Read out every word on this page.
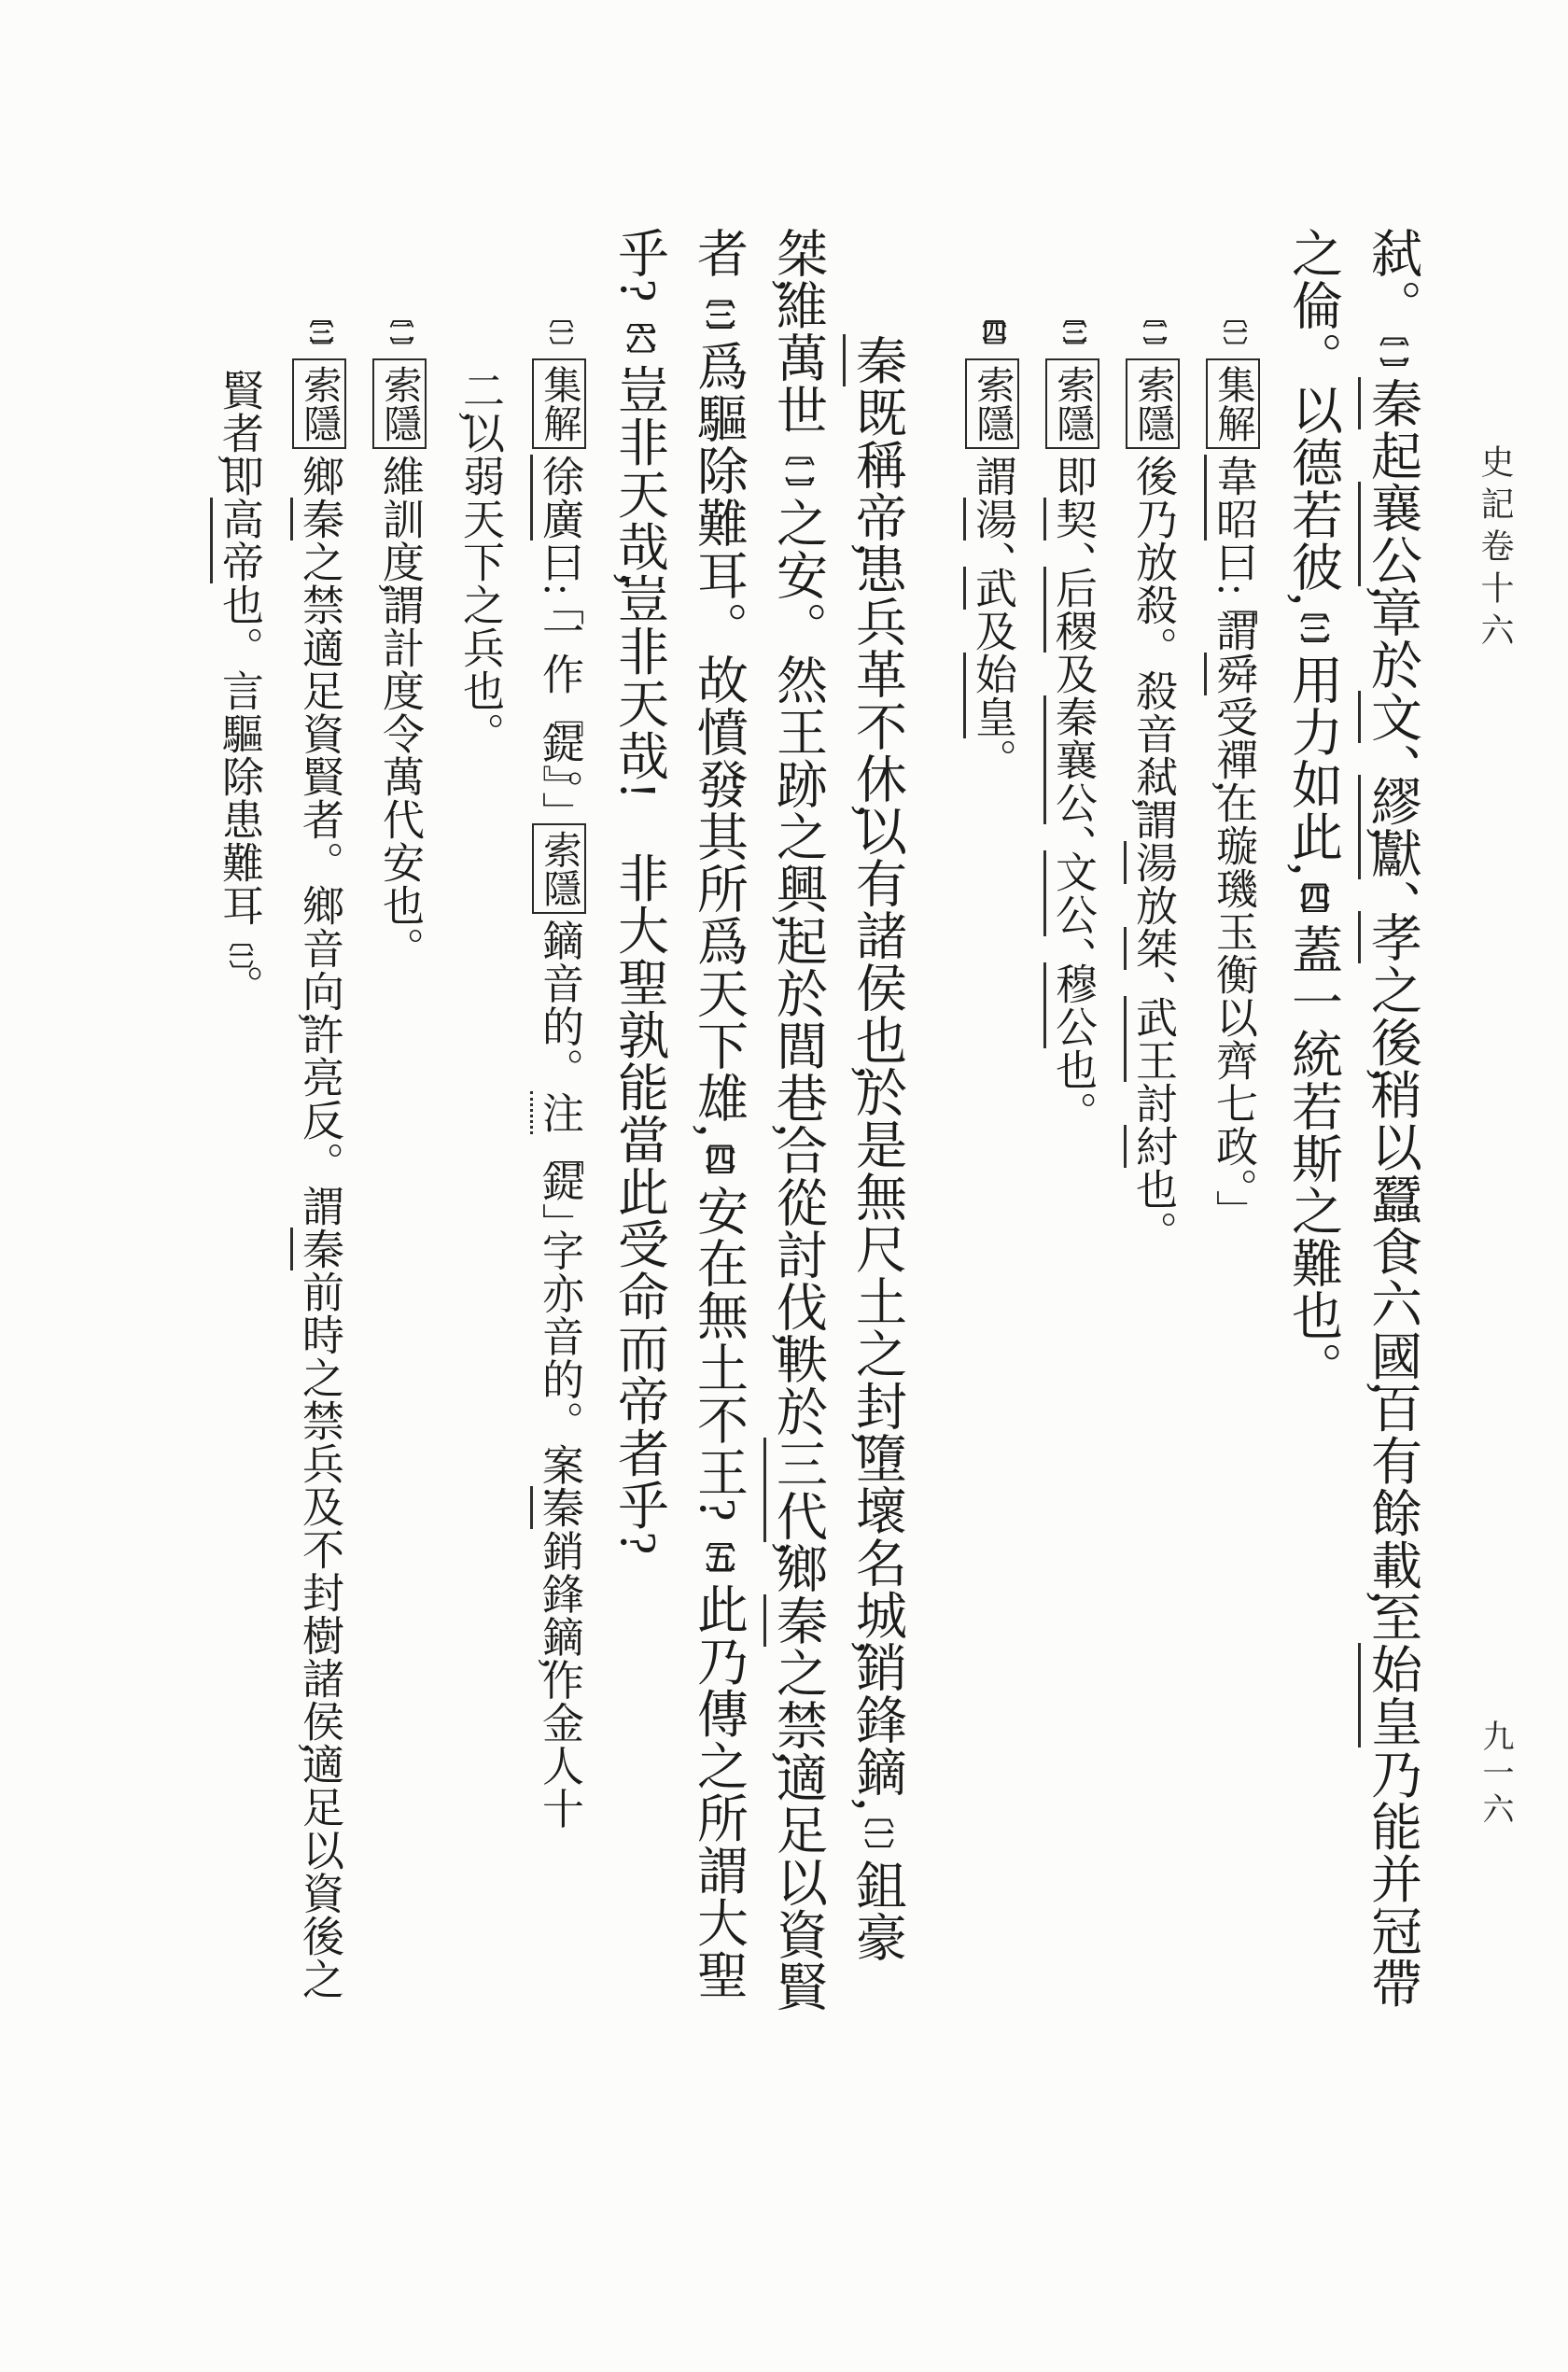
史記卷十六
弑。〔二〕秦起襄公章於文、繆獻、孝之後稍以蠶食六國百有餘載至始皇乃能并冠帶
之倫。以德若彼〔三〕用力如此〔四〕蓋一統若斯之難也。
〔一〕集解韋昭曰「謂舜受禪在璇璣玉衡以齊七政。」
〔二〕索隱後乃放殺。殺音弒謂湯放桀、武王討紂也。
〔三〕索隱即契、后稷及秦襄公、文公、穆公也。
〔四〕索隱謂湯、武及始皇。
秦既稱帝患兵革不休以有諸侯也於是無尺土之封墮壞名城銷鋒鏑〔一〕鉏豪
桀維萬世〔二〕之安。然王跡之興起於閭巷合從討伐軼於三代鄉秦之禁適足以資賢
者〔三〕爲驅除難耳。故憤發其所爲天下雄〔四〕安在無土不王?〔五〕此乃傳之所謂大聖
乎?〔六〕豈非天哉豈非天哉!　非大聖孰能當此受命而帝者乎?
〔一〕集解徐廣曰「一作『鍉』。」索隱鏑音的。注「鍉」字亦音的。案秦銷鋒鏑作金人十
二以弱天下之兵也。
〔二〕索隱維訓度謂計度令萬代安也。
〔三〕索隱鄉秦之禁適足資賢者。鄉音向許亮反。謂秦前時之禁兵及不封樹諸侯適足以資後之
賢者即高帝也。言驅除患難耳〔一〕。
九一六
